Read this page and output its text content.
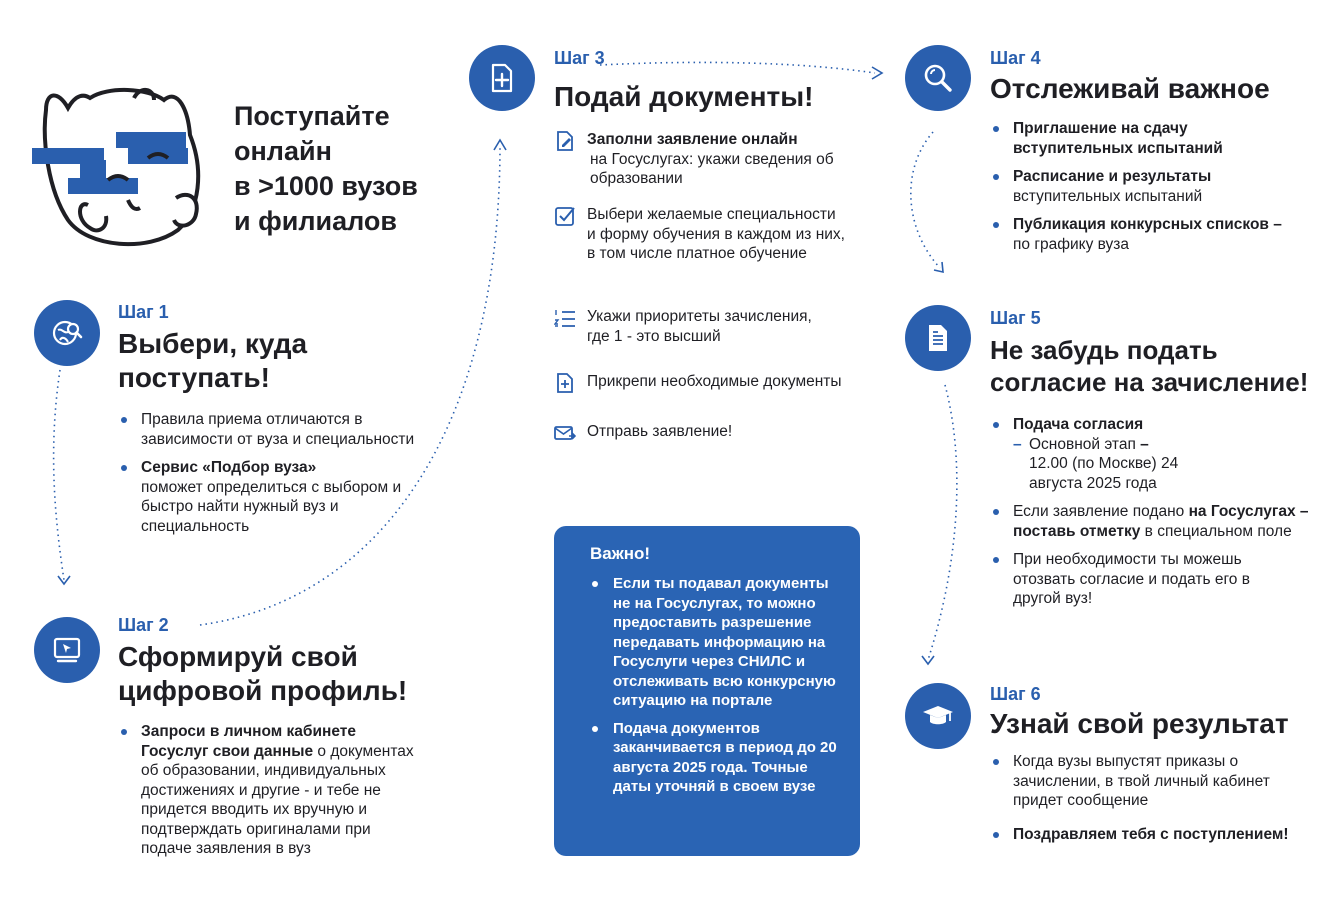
Поступайте
онлайн
в >1000 вузов
и филиалов
Шаг 1
Выбери, куда
поступать!
Правила приема отличаются в зависимости от вуза и специальности
Сервис «Подбор вуза»
поможет определиться с выбором и быстро найти нужный вуз и специальность
Шаг 2
Сформируй свой
цифровой профиль!
Запроси в личном кабинете Госуслуг свои данные о документах об образовании, индивидуальных достижениях и другие - и тебе не придется вводить их вручную и подтверждать оригиналами при подаче заявления в вуз
Шаг 3
Подай документы!
Заполни заявление онлайн

на Госуслугах: укажи сведения об образовании
Выбери желаемые специальности и форму обучения в каждом из них, в том числе платное обучение
Укажи приоритеты зачисления, где 1 - это высший
Прикрепи необходимые документы
Отправь заявление!
Важно!
Если ты подавал документы не на Госуслугах, то можно предоставить разрешение передавать информацию на Госуслуги через СНИЛС и отслеживать всю конкурсную ситуацию на портале
Подача документов заканчивается в период до 20 августа 2025 года. Точные даты уточняй в своем вузе
Шаг 4
Отслеживай важное
Приглашение на сдачу вступительных испытаний
Расписание и результаты
вступительных испытаний
Публикация конкурсных списков –
по графику вуза
Шаг 5
Не забудь подать
согласие на зачисление!
Подача согласия
– Основной этап –

12.00 (по Москве) 24 августа 2025 года
Если заявление подано на Госуслугах – поставь отметку в специальном поле
При необходимости ты можешь отозвать согласие и подать его в другой вуз!
Шаг 6
Узнай свой результат
Когда вузы выпустят приказы о зачислении, в твой личный кабинет придет сообщение
Поздравляем тебя с поступлением!
